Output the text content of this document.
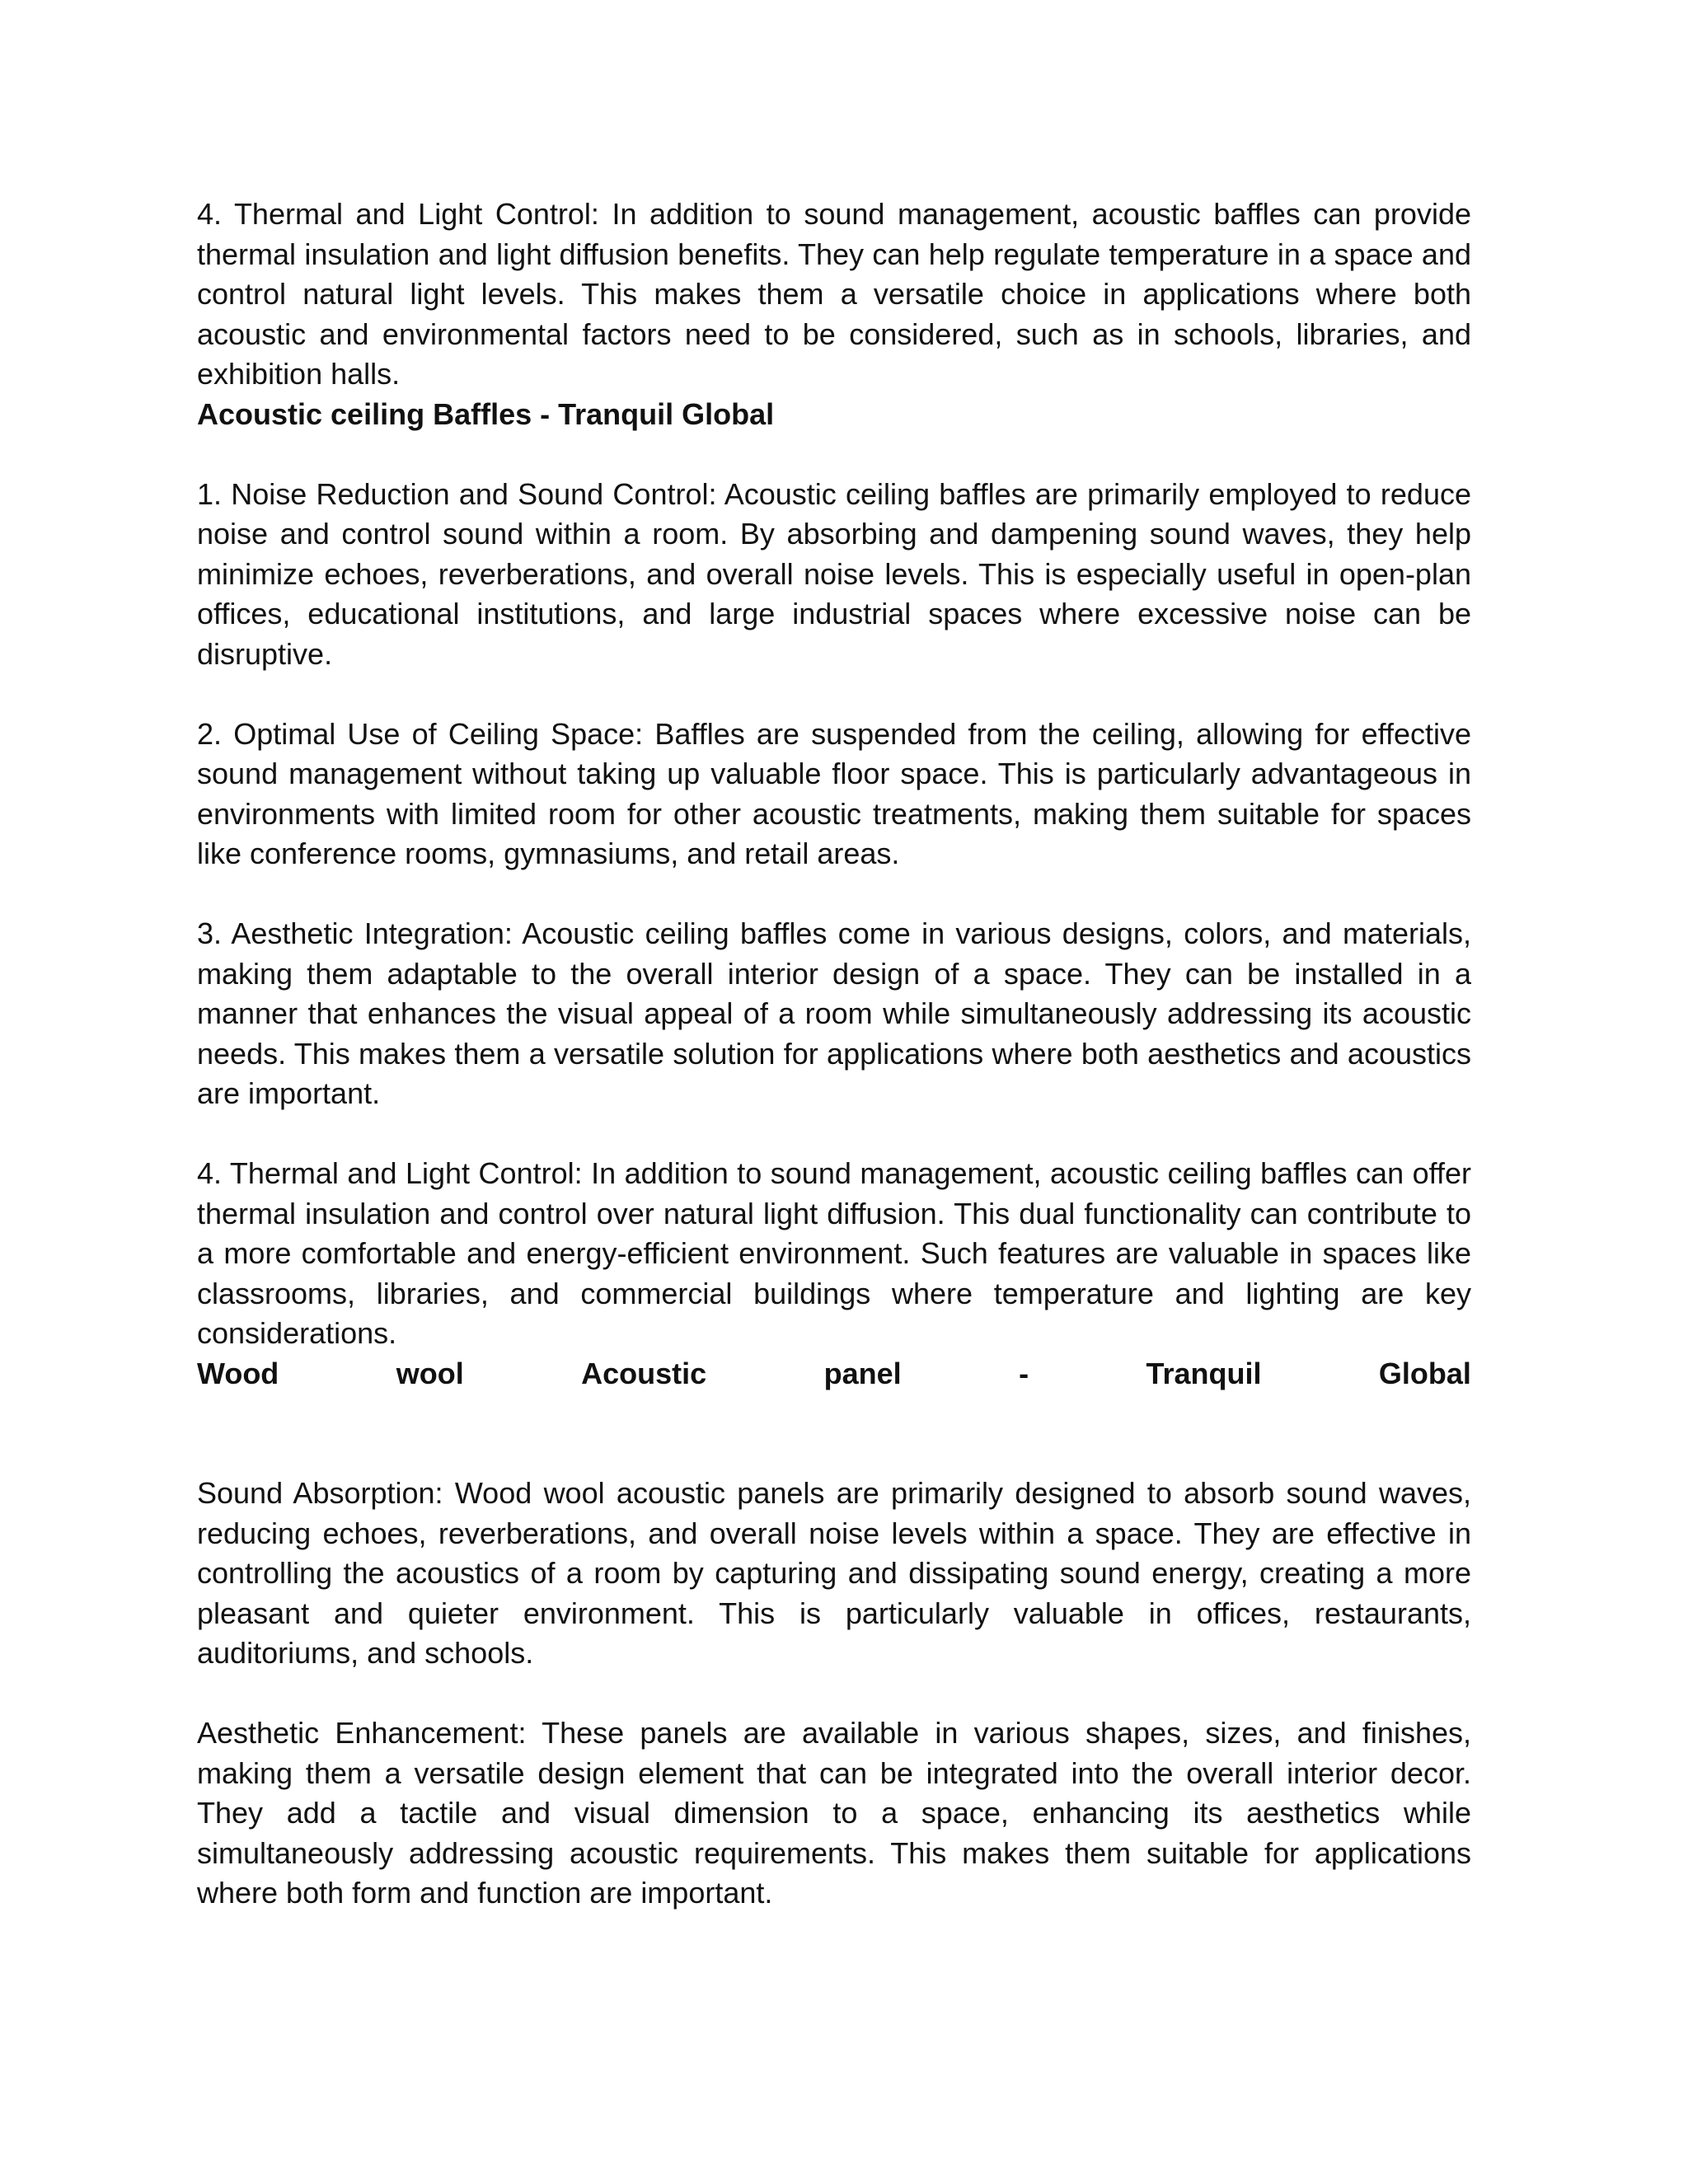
4. Thermal and Light Control: In addition to sound management, acoustic baffles can provide thermal insulation and light diffusion benefits. They can help regulate temperature in a space and control natural light levels. This makes them a versatile choice in applications where both acoustic and environmental factors need to be considered, such as in schools, libraries, and exhibition halls.

Acoustic ceiling Baffles - Tranquil Global

1. Noise Reduction and Sound Control: Acoustic ceiling baffles are primarily employed to reduce noise and control sound within a room. By absorbing and dampening sound waves, they help minimize echoes, reverberations, and overall noise levels. This is especially useful in open-plan offices, educational institutions, and large industrial spaces where excessive noise can be disruptive.

2. Optimal Use of Ceiling Space: Baffles are suspended from the ceiling, allowing for effective sound management without taking up valuable floor space. This is particularly advantageous in environments with limited room for other acoustic treatments, making them suitable for spaces like conference rooms, gymnasiums, and retail areas.

3. Aesthetic Integration: Acoustic ceiling baffles come in various designs, colors, and materials, making them adaptable to the overall interior design of a space. They can be installed in a manner that enhances the visual appeal of a room while simultaneously addressing its acoustic needs. This makes them a versatile solution for applications where both aesthetics and acoustics are important.

4. Thermal and Light Control: In addition to sound management, acoustic ceiling baffles can offer thermal insulation and control over natural light diffusion. This dual functionality can contribute to a more comfortable and energy-efficient environment. Such features are valuable in spaces like classrooms, libraries, and commercial buildings where temperature and lighting are key considerations.

Wood	wool	Acoustic	panel	-	Tranquil	Global

Sound Absorption: Wood wool acoustic panels are primarily designed to absorb sound waves, reducing echoes, reverberations, and overall noise levels within a space. They are effective in controlling the acoustics of a room by capturing and dissipating sound energy, creating a more pleasant and quieter environment. This is particularly valuable in offices, restaurants, auditoriums, and schools.

Aesthetic Enhancement: These panels are available in various shapes, sizes, and finishes, making them a versatile design element that can be integrated into the overall interior decor. They add a tactile and visual dimension to a space, enhancing its aesthetics while simultaneously addressing acoustic requirements. This makes them suitable for applications where both form and function are important.
